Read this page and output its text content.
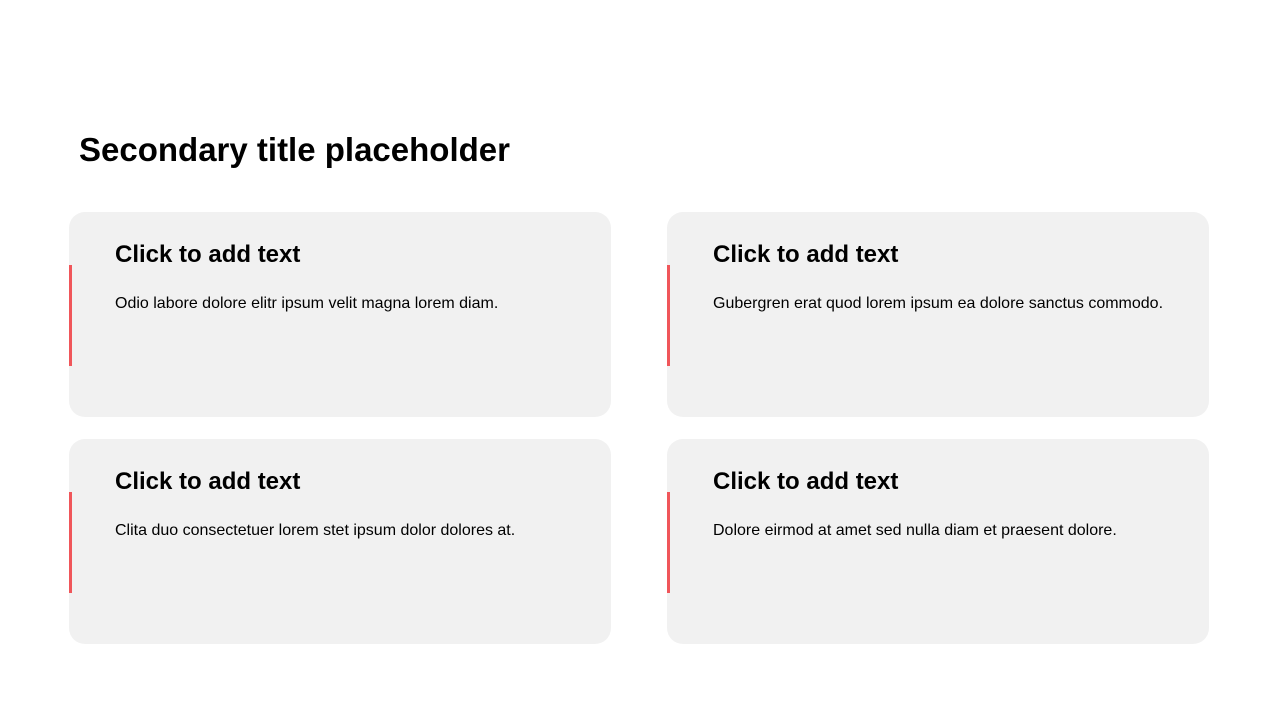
Secondary title placeholder
Click to add text

Odio labore dolore elitr ipsum velit magna lorem diam.

Click to add text

Gubergren erat quod lorem ipsum ea dolore sanctus commodo.

Click to add text

Clita duo consectetuer lorem stet ipsum dolor dolores at.

Click to add text

Dolore eirmod at amet sed nulla diam et praesent dolore.
